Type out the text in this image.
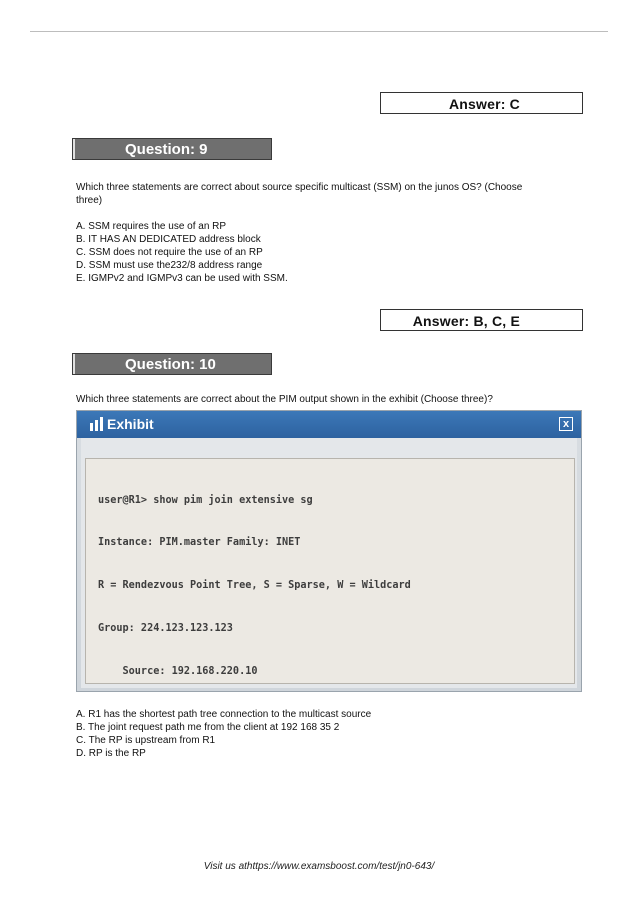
Answer: C
Question: 9

Which three statements are correct about source specific multicast (SSM) on the junos OS? (Choose

three)

A. SSM requires the use of an RP

B. IT HAS AN DEDICATED address block

C. SSM does not require the use of an RP

D. SSM must use the232/8 address range

E. IGMPv2 and IGMPv3 can be used with SSM.

Answer: B, C, E
Question: 10

Which three statements are correct about the PIM output shown in the exhibit (Choose three)?

Exhibit	x

user@R1> show pim join extensive sg

Instance: PIM.master Family: INET

R = Rendezvous Point Tree, S = Sparse, W = Wildcard

Group: 224.123.123.123

Source: 192.168.220.10

A. R1 has the shortest path tree connection to the multicast source

B. The joint request path me from the client at 192 168 35 2

C. The RP is upstream from R1

D. RP is the RP

Visit us athttps://www.examsboost.com/test/jn0-643/
